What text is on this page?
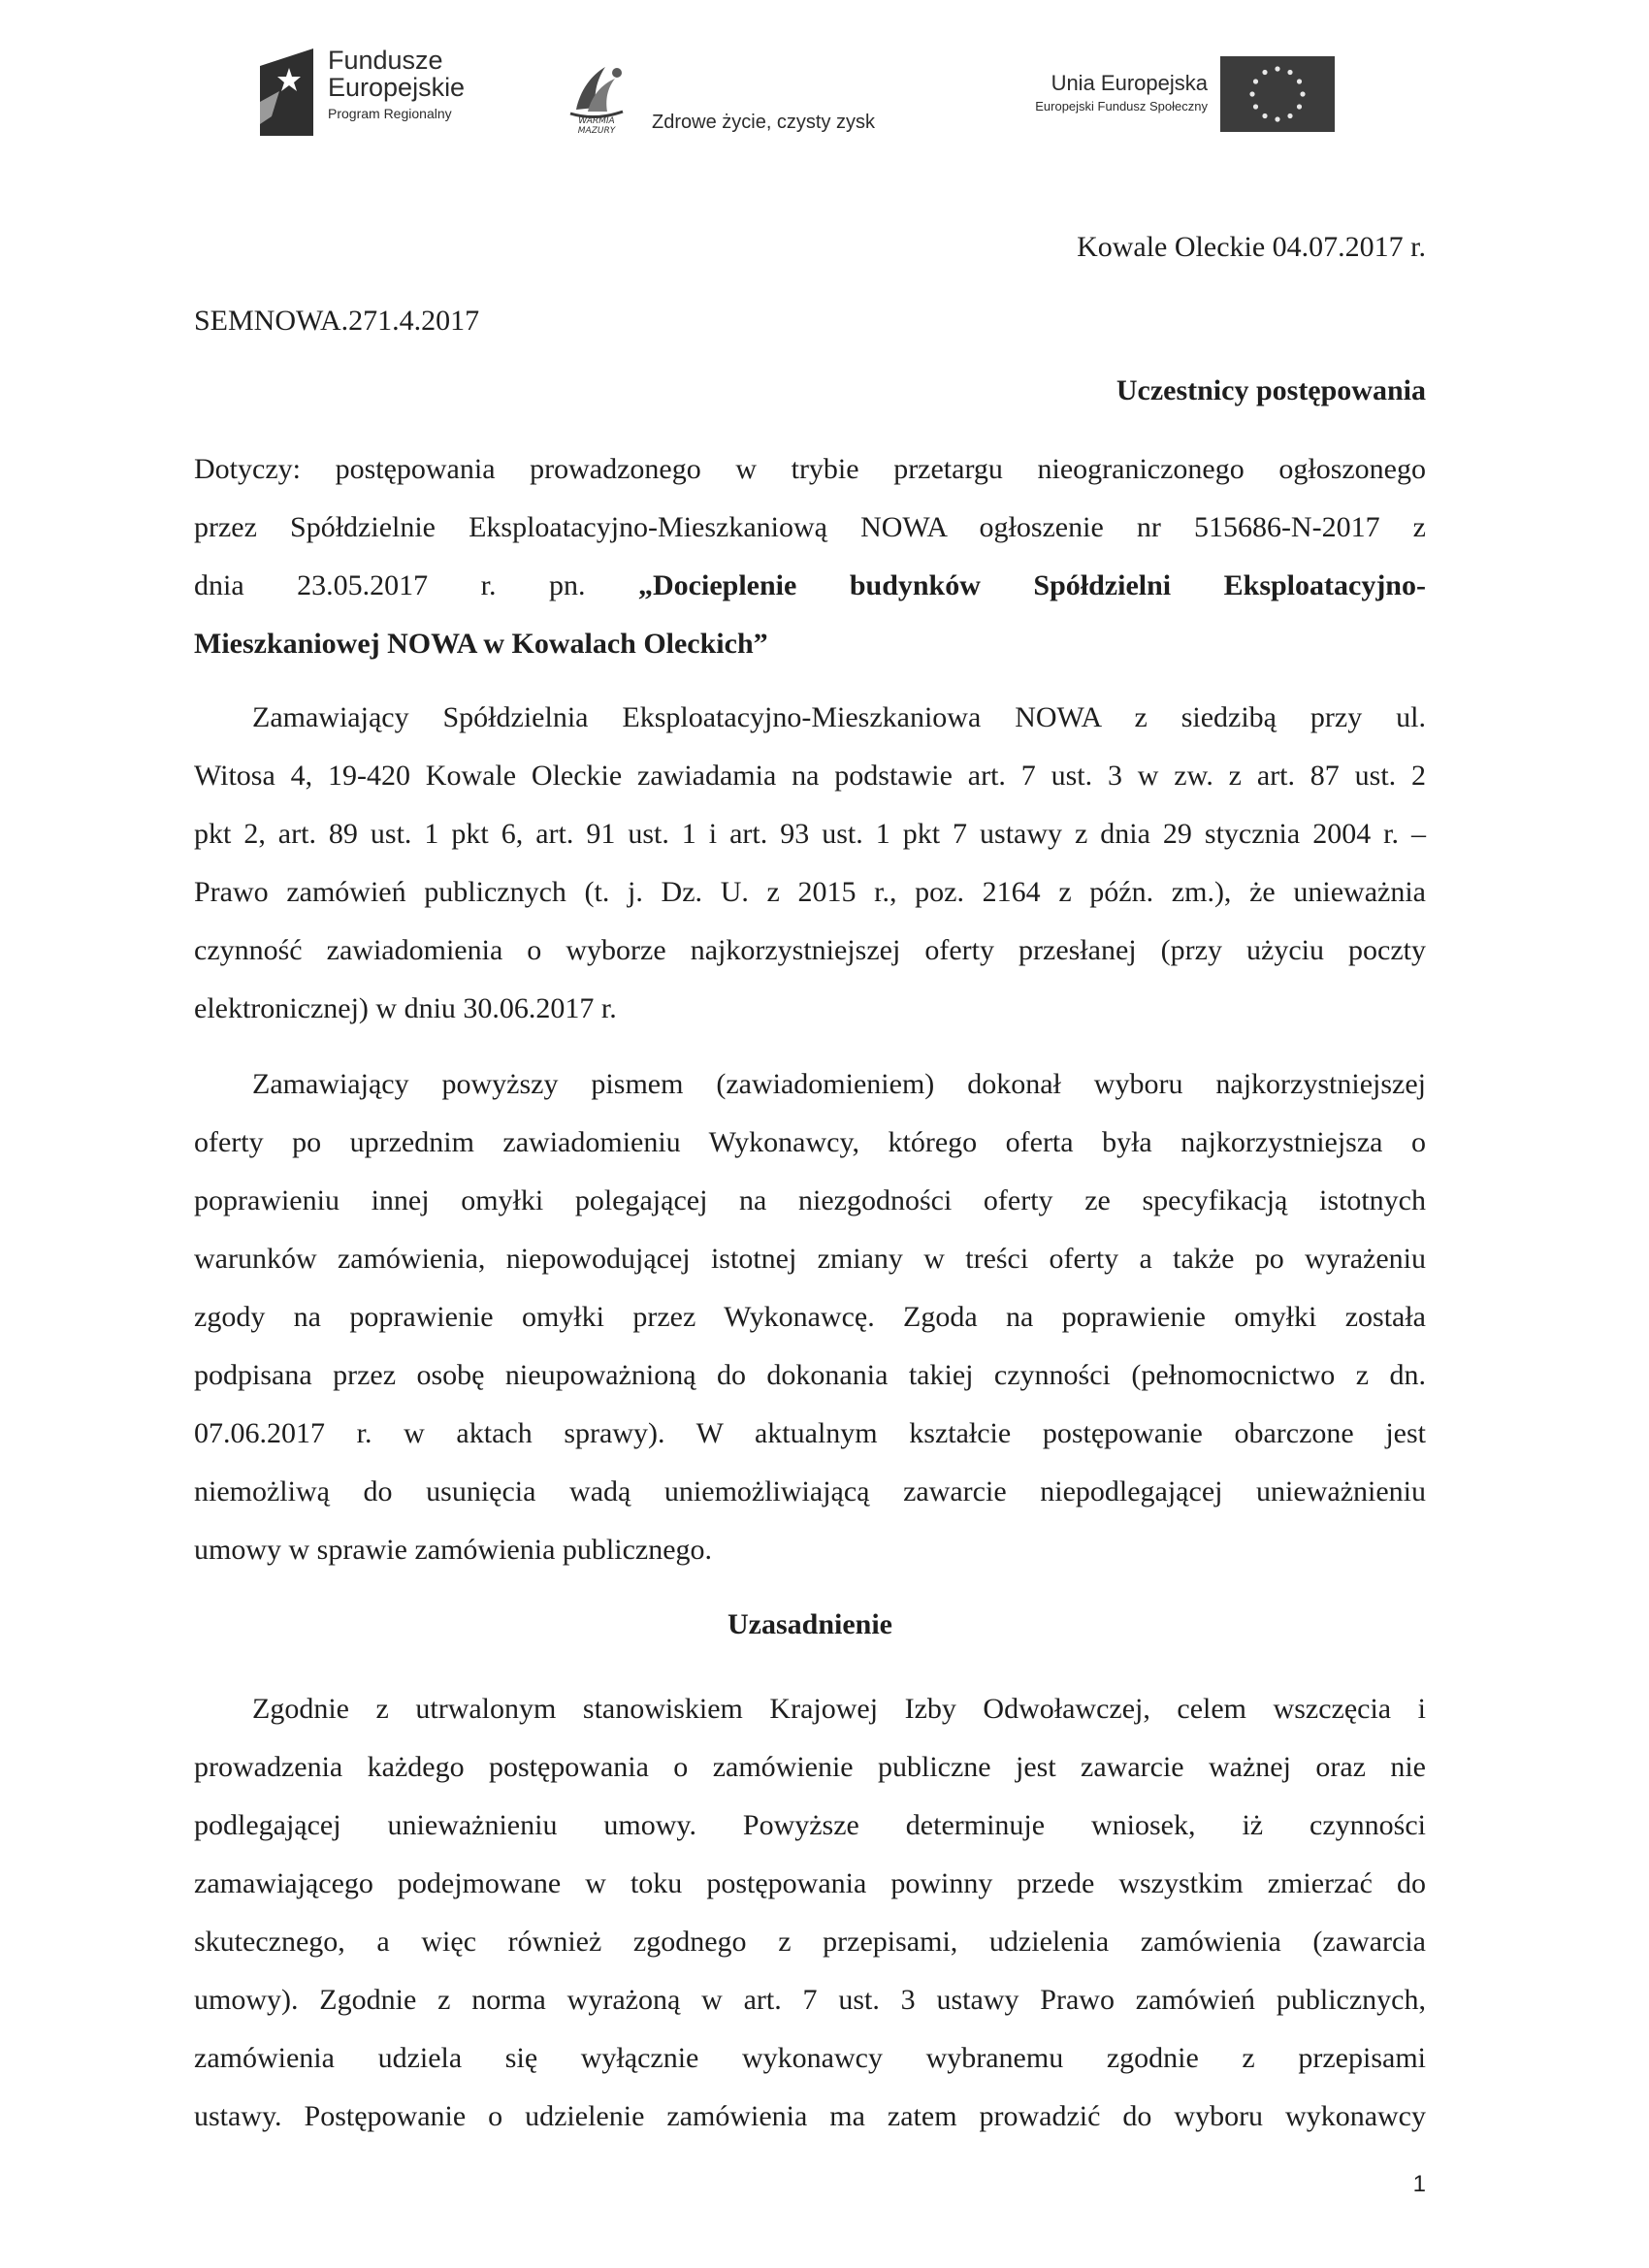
Fundusze
Europejskie
Program Regionalny	WARMIA
MAZURY	Zdrowe życie, czysty zysk
Unia Europejska
Europejski Fundusz Społeczny
Kowale Oleckie 04.07.2017 r.
SEMNOWA.271.4.2017
Uczestnicy postępowania
Dotyczy: postępowania prowadzonego w trybie przetargu nieograniczonego ogłoszonego
przez Spółdzielnie Eksploatacyjno-Mieszkaniową NOWA ogłoszenie nr 515686-N-2017 z
dnia 23.05.2017 r. pn. „Docieplenie budynków Spółdzielni Eksploatacyjno-
Mieszkaniowej NOWA w Kowalach Oleckich”
Zamawiający Spółdzielnia Eksploatacyjno-Mieszkaniowa NOWA z siedzibą przy ul.
Witosa 4, 19-420 Kowale Oleckie zawiadamia na podstawie art. 7 ust. 3 w zw. z art. 87 ust. 2
pkt 2, art. 89 ust. 1 pkt 6, art. 91 ust. 1 i art. 93 ust. 1 pkt 7 ustawy z dnia 29 stycznia 2004 r. –
Prawo zamówień publicznych (t. j. Dz. U. z 2015 r., poz. 2164 z późn. zm.), że unieważnia
czynność zawiadomienia o wyborze najkorzystniejszej oferty przesłanej (przy użyciu poczty
elektronicznej) w dniu 30.06.2017 r.
Zamawiający powyższy pismem (zawiadomieniem) dokonał wyboru najkorzystniejszej
oferty po uprzednim zawiadomieniu Wykonawcy, którego oferta była najkorzystniejsza o
poprawieniu innej omyłki polegającej na niezgodności oferty ze specyfikacją istotnych
warunków zamówienia, niepowodującej istotnej zmiany w treści oferty a także po wyrażeniu
zgody na poprawienie omyłki przez Wykonawcę. Zgoda na poprawienie omyłki została
podpisana przez osobę nieupoważnioną do dokonania takiej czynności (pełnomocnictwo z dn.
07.06.2017 r. w aktach sprawy). W aktualnym kształcie postępowanie obarczone jest
niemożliwą do usunięcia wadą uniemożliwiającą zawarcie niepodlegającej unieważnieniu
umowy w sprawie zamówienia publicznego.
Uzasadnienie
Zgodnie z utrwalonym stanowiskiem Krajowej Izby Odwoławczej, celem wszczęcia i
prowadzenia każdego postępowania o zamówienie publiczne jest zawarcie ważnej oraz nie
podlegającej unieważnieniu umowy. Powyższe determinuje wniosek, iż czynności
zamawiającego podejmowane w toku postępowania powinny przede wszystkim zmierzać do
skutecznego, a więc również zgodnego z przepisami, udzielenia zamówienia (zawarcia
umowy). Zgodnie z norma wyrażoną w art. 7 ust. 3 ustawy Prawo zamówień publicznych,
zamówienia udziela się wyłącznie wykonawcy wybranemu zgodnie z przepisami
ustawy. Postępowanie o udzielenie zamówienia ma zatem prowadzić do wyboru wykonawcy
1
